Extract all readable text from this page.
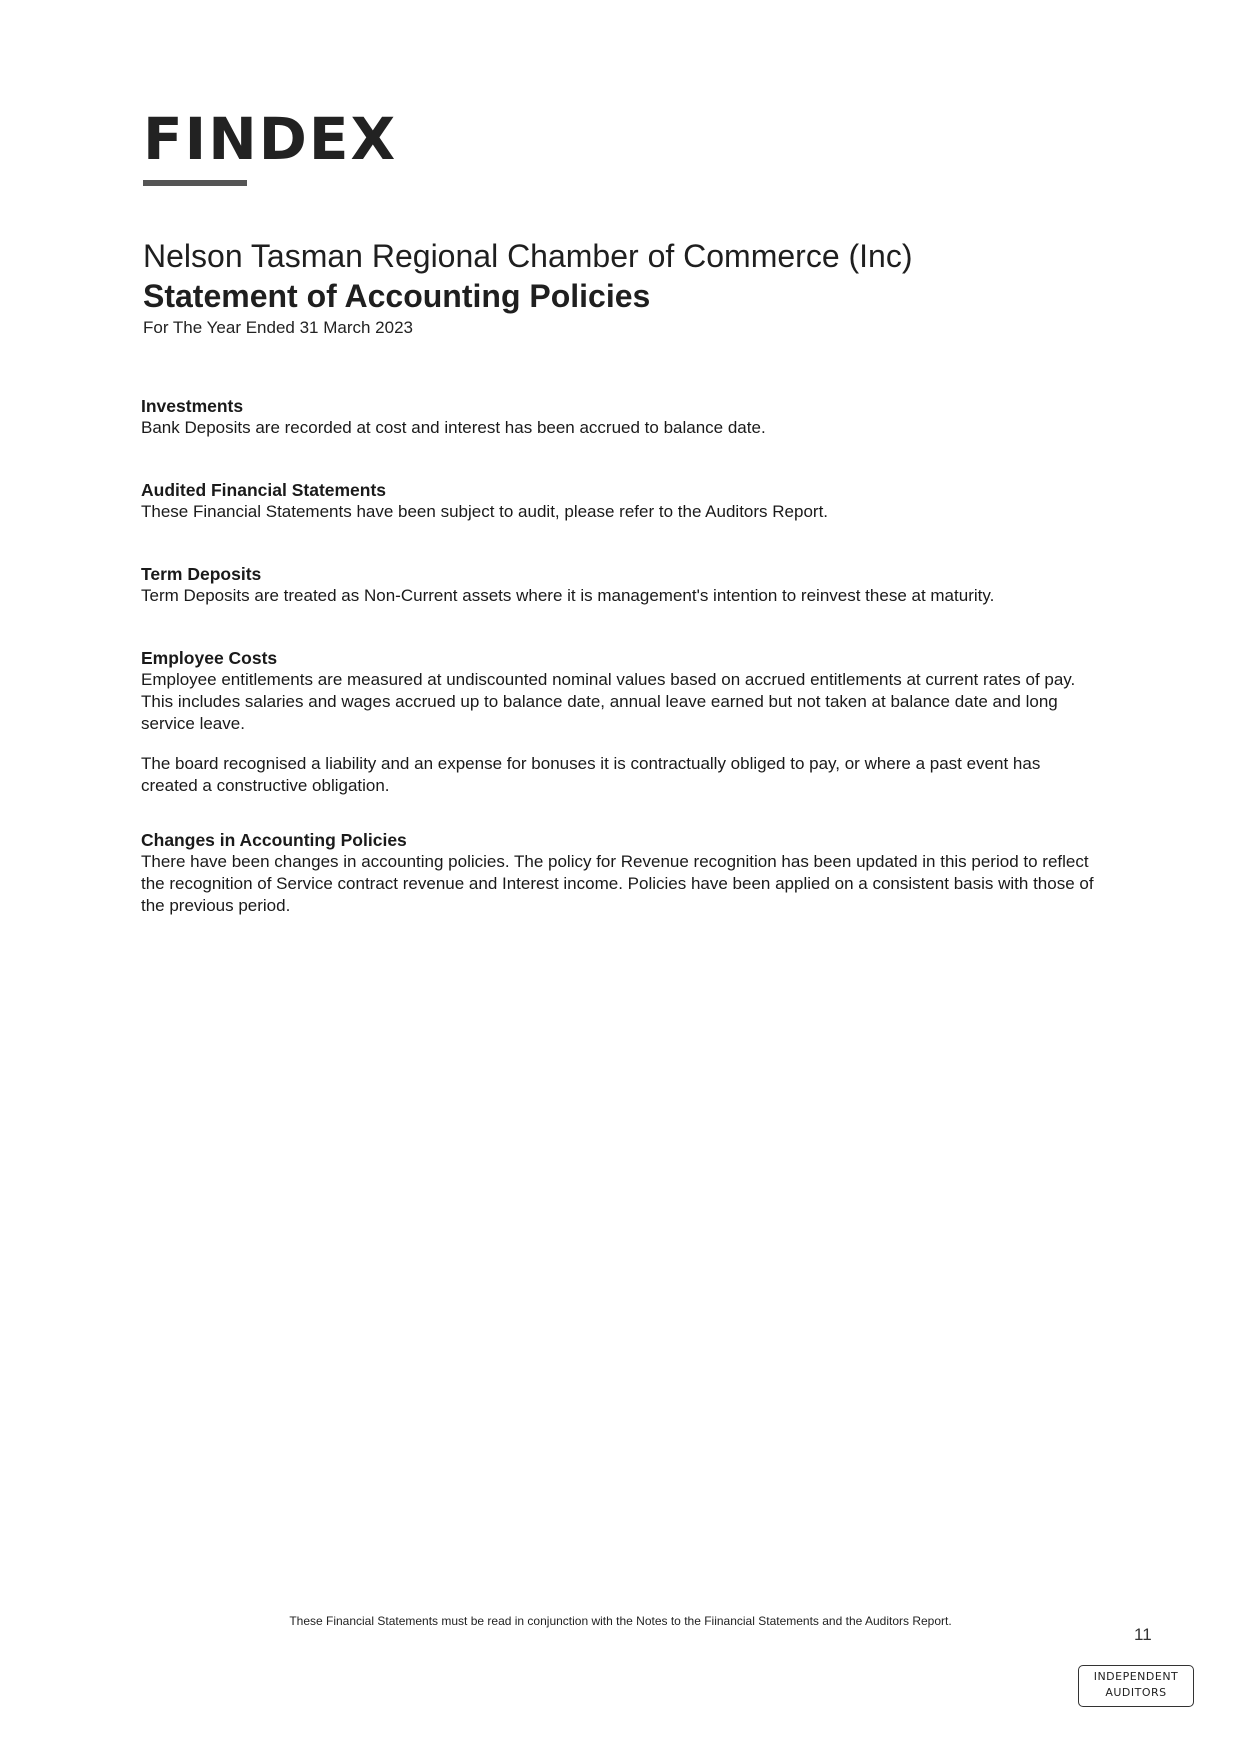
FINDEX
Nelson Tasman Regional Chamber of Commerce (Inc)
Statement of Accounting Policies

For The Year Ended 31 March 2023

Investments

Bank Deposits are recorded at cost and interest has been accrued to balance date.

Audited Financial Statements

These Financial Statements have been subject to audit, please refer to the Auditors Report.

Term Deposits

Term Deposits are treated as Non-Current assets where it is management's intention to reinvest these at maturity.

Employee Costs

Employee entitlements are measured at undiscounted nominal values based on accrued entitlements at current rates of pay. This includes salaries and wages accrued up to balance date, annual leave earned but not taken at balance date and long service leave.

The board recognised a liability and an expense for bonuses it is contractually obliged to pay, or where a past event has created a constructive obligation.

Changes in Accounting Policies

There have been changes in accounting policies. The policy for Revenue recognition has been updated in this period to reflect the recognition of Service contract revenue and Interest income. Policies have been applied on a consistent basis with those of the previous period.

These Financial Statements must be read in conjunction with the Notes to the Fiinancial Statements and the Auditors Report.
11
INDEPENDENT
AUDITORS
